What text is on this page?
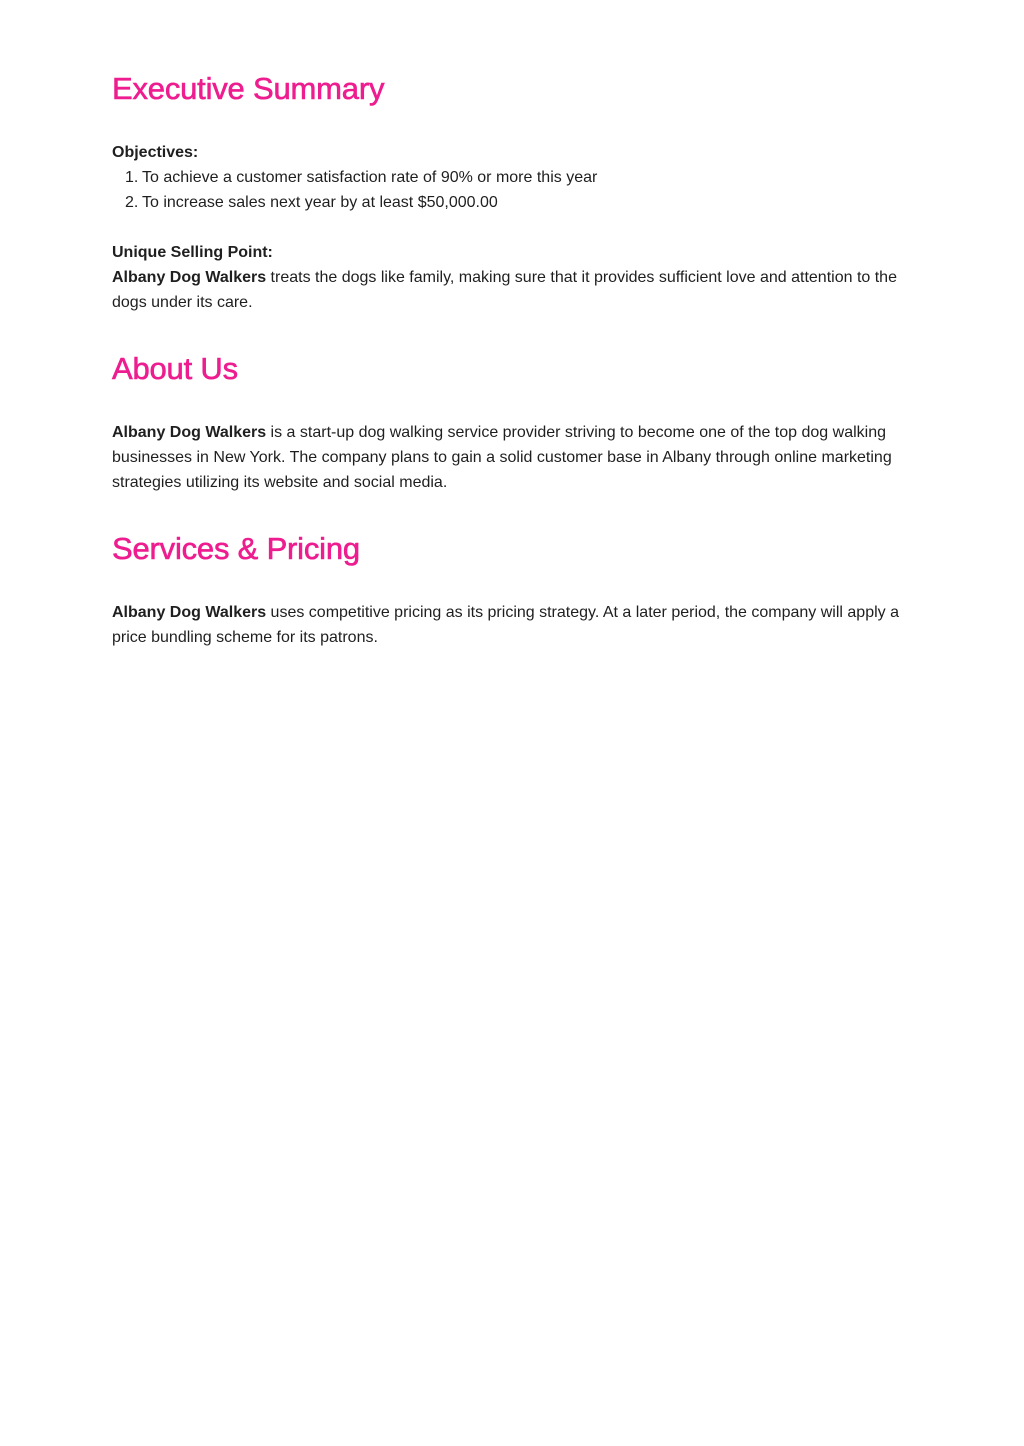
Executive Summary
Objectives:
1. To achieve a customer satisfaction rate of 90% or more this year
2. To increase sales next year by at least $50,000.00
Unique Selling Point:

Albany Dog Walkers treats the dogs like family, making sure that it provides sufficient love and attention to the dogs under its care.

About Us

Albany Dog Walkers is a start-up dog walking service provider striving to become one of the top dog walking businesses in New York. The company plans to gain a solid customer base in Albany through online marketing strategies utilizing its website and social media.

Services & Pricing

Albany Dog Walkers uses competitive pricing as its pricing strategy. At a later period, the company will apply a price bundling scheme for its patrons.
